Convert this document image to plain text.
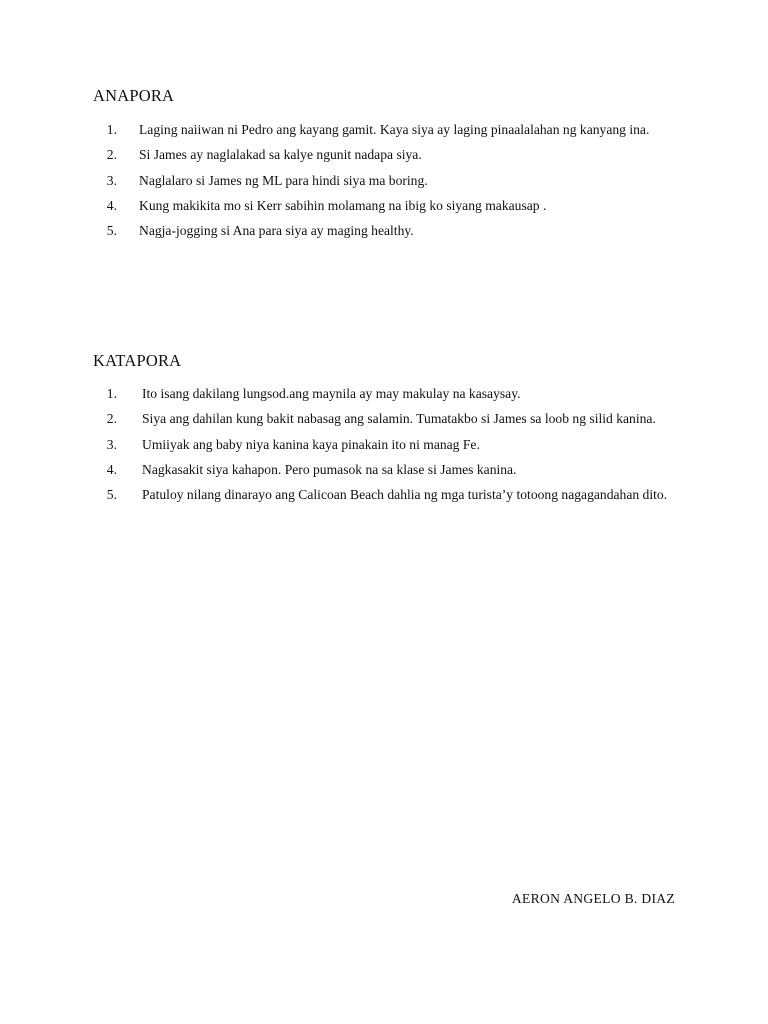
ANAPORA
1. Laging naiiwan ni Pedro ang kayang gamit. Kaya siya ay laging pinaalalahan ng kanyang ina.
2. Si James ay naglalakad sa kalye ngunit nadapa siya.
3. Naglalaro si James ng ML para hindi siya ma boring.
4. Kung makikita mo si Kerr sabihin molamang na ibig ko siyang makausap .
5. Nagja-jogging si Ana para siya ay maging healthy.
KATAPORA
1. Ito isang dakilang lungsod.ang maynila ay may makulay na kasaysay.
2. Siya ang dahilan kung bakit nabasag ang salamin. Tumatakbo si James sa loob ng silid kanina.
3. Umiiyak ang baby niya kanina kaya pinakain ito ni manag Fe.
4. Nagkasakit siya kahapon. Pero pumasok na sa klase si James kanina.
5. Patuloy nilang dinarayo ang Calicoan Beach dahlia ng mga turista’y totoong nagagandahan dito.
AERON ANGELO B. DIAZ
